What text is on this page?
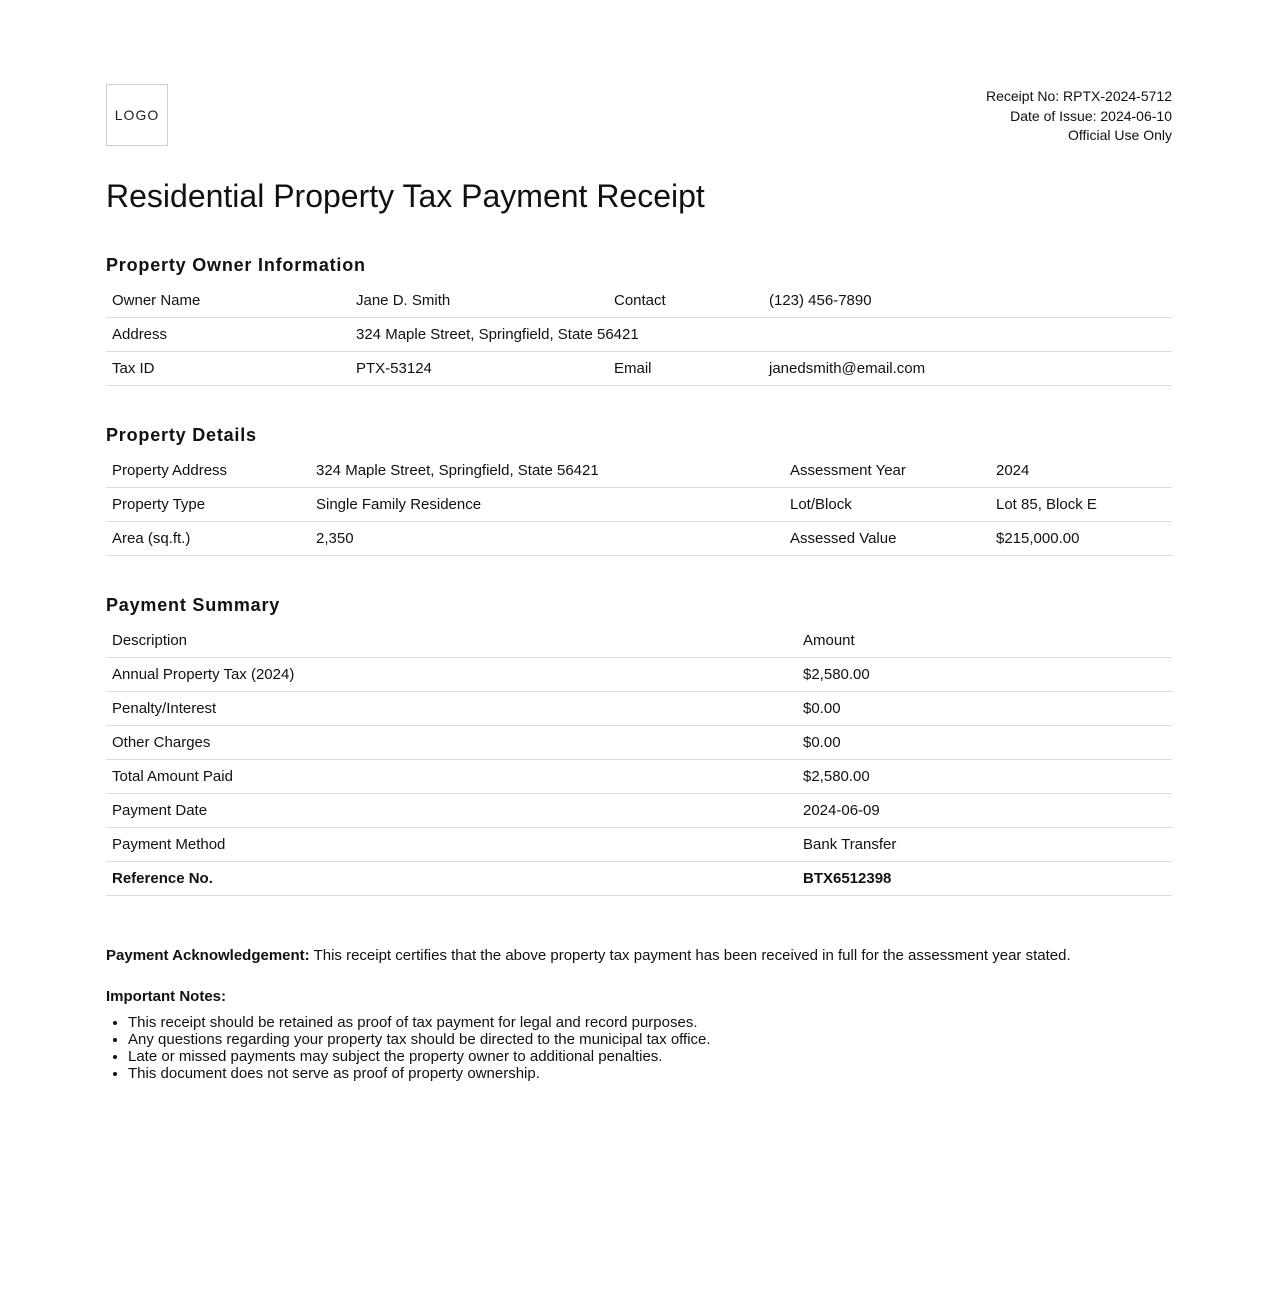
LOGO
Receipt No: RPTX-2024-5712
Date of Issue: 2024-06-10
Official Use Only
Residential Property Tax Payment Receipt
Property Owner Information
Owner Name	Jane D. Smith	Contact	(123) 456-7890
Address	324 Maple Street, Springfield, State 56421		
Tax ID	PTX-53124	Email	janedsmith@email.com
Property Details
Property Address	324 Maple Street, Springfield, State 56421	Assessment Year	2024
Property Type	Single Family Residence	Lot/Block	Lot 85, Block E
Area (sq.ft.)	2,350	Assessed Value	$215,000.00
Payment Summary
Description	Amount
Annual Property Tax (2024)	$2,580.00
Penalty/Interest	$0.00
Other Charges	$0.00
Total Amount Paid	$2,580.00
Payment Date	2024-06-09
Payment Method	Bank Transfer
Reference No.	BTX6512398
Payment Acknowledgement: This receipt certifies that the above property tax payment has been received in full for the assessment year stated.
Important Notes:
• This receipt should be retained as proof of tax payment for legal and record purposes.
• Any questions regarding your property tax should be directed to the municipal tax office.
• Late or missed payments may subject the property owner to additional penalties.
• This document does not serve as proof of property ownership.
